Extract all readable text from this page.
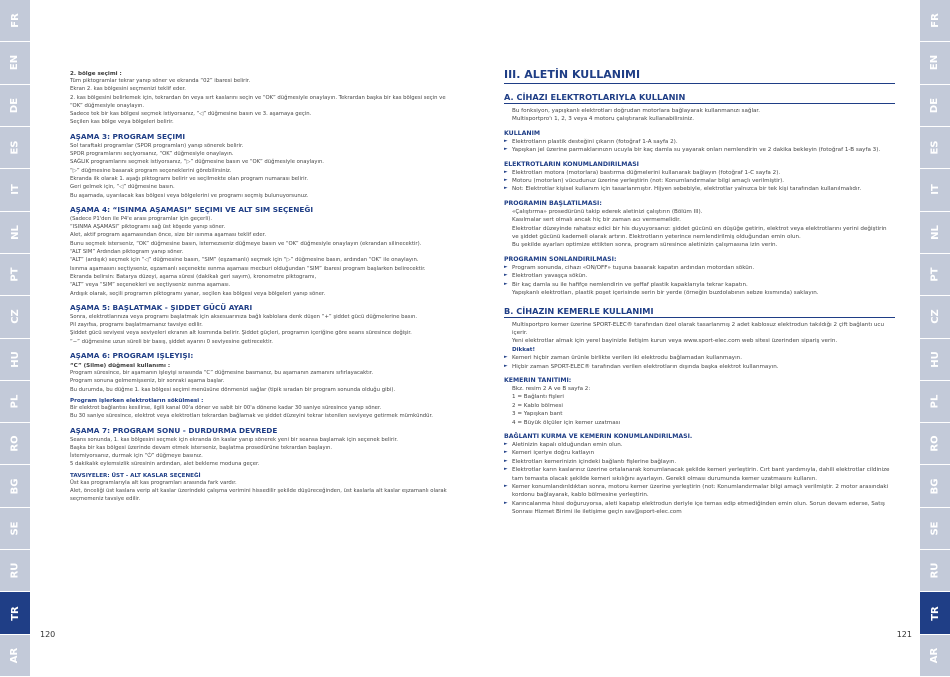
FR
EN
DE
ES
IT
NL
PT
CZ
HU
PL
RO
BG
SE
RU
TR
AR
FR
EN
DE
ES
IT
NL
PT
CZ
HU
PL
RO
BG
SE
RU
TR
AR
2. bölge seçimi :
Tüm piktogramlar tekrar yanıp söner ve ekranda “02” ibaresi belirir.
Ekran 2. kas bölgesini seçmenizi teklif eder.
2. kas bölgesini belirlemek için, tekrardan ön veya sırt kaslarını seçin ve “OK” düğmesiyle onaylayın. Tekrardan başka bir kas bölgesi seçin ve “OK” düğmesiyle onaylayın.
Sadece tek bir kas bölgesi seçmek istiyorsanız, “◁” düğmesine basın ve 3. aşamaya geçin.
Seçilen kas bölge veya bölgeleri belirir.
AŞAMA 3: PROGRAM SEÇIMI
Sol taraftaki programlar (SPOR programları) yanıp sönerek belirir.
SPOR programlarını seçiyorsanız, “OK” düğmesiyle onaylayın.
SAĞLIK programlarını seçmek istiyorsanız, “▷” düğmesine basın ve “OK” düğmesiyle onaylayın.
“▷” düğmesine basarak program seçeneklerini görebilirsiniz.
Ekranda ilk olarak 1. aşağı piktogramı belirir ve seçilmekte olan program numarası belirir.
Geri gelmek için, “◁” düğmesine basın.
Bu aşamada, uyarılacak kas bölgesi veya bölgelerini ve programı seçmiş bulunuyorsunuz.
AŞAMA 4: “ISINMA AŞAMASI” SEÇIMI VE ALT SIM SEÇENEĞI
(Sadece P1'den ile P4'e arası programlar için geçerli).
“ISINMA AŞAMASI” piktogramı sağ üst köşede yanıp söner.
Alet, aktif program aşamasından önce, size bir ısınma aşaması teklif eder.
Bunu seçmek isterseniz, “OK” düğmesine basın, istemezseniz düğmeye basın ve “OK” düğmesiyle onaylayın (ekrandan silinecektir).
“ALT SIM” Ardından piktogram yanıp söner.
“ALT” (ardışık) seçmek için “◁” düğmesine basın, “SIM” (eşzamanlı) seçmek için “▷” düğmesine basın, ardından “OK” ile onaylayın.
Isınma aşamasını seçtiyseniz, eşzamanlı seçenekte ısınma aşaması mecburi olduğundan “SIM” ibaresi program başlarken belirecektir.
Ekranda belirsin: Batarya düzeyi, aşama süresi (dakikalı geri sayım), kronometre piktogramı,
“ALT” veya “SIM” seçenekleri ve seçtiyseniz ısınma aşaması.
Ardışık olarak, seçili programın piktogramı yanar, seçilen kas bölgesi veya bölgeleri yanıp söner.
AŞAMA 5: BAŞLATMAK - ŞIDDET GÜCÜ AYARI
Sonra, elektrotlarınıza veya programı başlatmak için aksesuarınıza bağlı kablolara denk düşen “+” şiddet gücü düğmelerine basın.
Pil zayıfsa, programı başlatmamanız tavsiye edilir.
Şiddet gücü seviyesi veya seviyeleri ekranın alt kısmında belirir. Şiddet güçleri, programın içeriğine göre seans süresince değişir.
“−” düğmesine uzun süreli bir basış, şiddet ayarını 0 seviyesine getirecektir.
AŞAMA 6: PROGRAM IŞLEYIŞI:
“C” (Silme) düğmesi kullanımı :
Program süresince, bir aşamanın işleyişi sırasında “C” düğmesine basmanız, bu aşamanın zamanını sıfırlayacaktır.
Program sonuna gelmemişseniz, bir sonraki aşama başlar.
Bu durumda, bu düğme 1. kas bölgesi seçimi menüsüne dönmenizi sağlar (tipik sıradan bir program sonunda olduğu gibi).
Program işlerken elektrotların sökülmesi :
Bir elektrot bağlantısı kesilirse, ilgili kanal 00'a döner ve sabit bir 00'a dönene kadar 30 saniye süresince yanıp söner.
Bu 30 saniye süresince, elektrot veya elektrotları tekrardan bağlamak ve şiddet düzeyini tekrar istenilen seviyeye getirmek mümkündür.
AŞAMA 7: PROGRAM SONU - DURDURMA DEVREDE
Seans sonunda, 1. kas bölgesini seçmek için ekranda ön kaslar yanıp sönerek yeni bir seansa başlamak için seçenek belirir.
Başka bir kas bölgesi üzerinde devam etmek isterseniz, başlatma prosedürüne tekrardan başlayın.
İstemiyorsanız, durmak için “⏻” düğmeye basınız.
5 dakikalık eylemsizlik süresinin ardından, alet bekleme moduna geçer.
TAVSIYELER: ÜST - ALT KASLAR SEÇENEĞİ
Üst kas programlarıyla alt kas programları arasında fark vardır.
Alet, önceliği üst kaslara verip alt kaslar üzerindeki çalışma verimini hissedilir şekilde düşüreceğinden, üst kaslarla alt kaslar eşzamanlı olarak seçmemeniz tavsiye edilir.
120
III. ALETİN KULLANIMI
A. CİHAZI ELEKTROTLARIYLA KULLANIN
Bu fonksiyon, yapışkanlı elektrotları doğrudan motorlara bağlayarak kullanmanızı sağlar.
Multisportpro'ı 1, 2, 3 veya 4 motoru çalıştırarak kullanabilirsiniz.
KULLANIM
► Elektrotların plastik desteğini çıkarın (fotoğraf 1-A sayfa 2).
► Yapışkan jel üzerine parmaklarınızın ucuyla bir kaç damla su yayarak onları nemlendirin ve 2 dakika bekleyin (fotoğraf 1-B sayfa 3).
ELEKTROTLARIN KONUMLANDIRILMASI
► Elektrotları motora (motorlara) bastırma düğmelerini kullanarak bağlayın (fotoğraf 1-C sayfa 2).
► Motoru (motorları) vücudunuz üzerine yerleştirin (not: Konumlandırmalar bilgi amaçlı verilmiştir).
► Not: Elektrotlar kişisel kullanım için tasarlanmıştır. Hijyen sebebiyle, elektrotlar yalnızca bir tek kişi tarafından kullanılmalıdır.
PROGRAMIN BAŞLATILMASI:
«Çalıştırma» prosedürünü takip ederek aletinizi çalıştırın (Bölüm III).
Kasılmalar sert olmalı ancak hiç bir zaman acı vermemelidir.
Elektrotlar düzeyinde rahatsız edici bir his duyuyorsanız: şiddet gücünü en düşüğe getirin, elektrot veya elektrotlarını yerini değiştirin ve şiddet gücünü kademeli olarak artırın. Elektrotların yeterince nemlendirilmiş olduğundan emin olun.
Bu şekilde ayarları optimize ettikten sonra, program süresince aletinizin çalışmasına izin verin.
PROGRAMIN SONLANDIRILMASI:
► Program sonunda, cihazı «ON/OFF» tuşuna basarak kapatın ardından motordan sökün.
► Elektrotları yavaşça sökün.
► Bir kaç damla su ile hafifçe nemlendirin ve şeffaf plastik kapaklarıyla tekrar kapatın.
Yapışkanlı elektrotları, plastik poşet içerisinde serin bir yerde (örneğin buzdolabının sebze kısmında) saklayın.
B. CİHAZIN KEMERLE KULLANIMI
Multisportpro kemer üzerine SPORT-ELEC® tarafından özel olarak tasarlanmış 2 adet kablosuz elektrodun takıldığı 2 çift bağlantı ucu içerir.
Yeni elektrotlar almak için yerel bayinizle iletişim kurun veya www.sport-elec.com web sitesi üzerinden sipariş verin.
Dikkat!
► Kemeri hiçbir zaman ürünle birlikte verilen iki elektrodu bağlamadan kullanmayın.
► Hiçbir zaman SPORT-ELEC® tarafından verilen elektrotların dışında başka elektrot kullanmayın.
KEMERIN TANITIMI:
Bkz. resim 2 A ve B sayfa 2:
1 = Bağlantı fişleri
2 = Kablo bölmesi
3 = Yapışkan bant
4 = Büyük ölçüler için kemer uzatması
BAĞLANTI KURMA VE KEMERIN KONUMLANDIRILMASI.
► Aletinizin kapalı olduğundan emin olun.
► Kemeri içeriye doğru katlayın
► Elektrotları kemerinizin içindeki bağlantı fişlerine bağlayın.
► Elektrotlar karın kaslarınız üzerine ortalanarak konumlanacak şekilde kemeri yerleştirin. Cırt bant yardımıyla, dahili elektrotlar cildinize tam temasta olacak şekilde kemeri sıkılığını ayarlayın. Gerekli olması durumunda kemer uzatmasını kullanın.
► Kemer konumlandırıldıktan sonra, motoru kemer üzerine yerleştirin (not: Konumlandırmalar bilgi amaçlı verilmiştir. 2 motor arasındaki kordonu bağlayarak, kablo bölmesine yerleştirin.
► Karıncalanma hissi doğuruyorsa, aleti kapatıp elektrodun deriyle içe temas edip etmediğinden emin olun. Sorun devam ederse, Satış Sonrası Hizmet Birimi ile iletişime geçin sav@sport-elec.com
121
